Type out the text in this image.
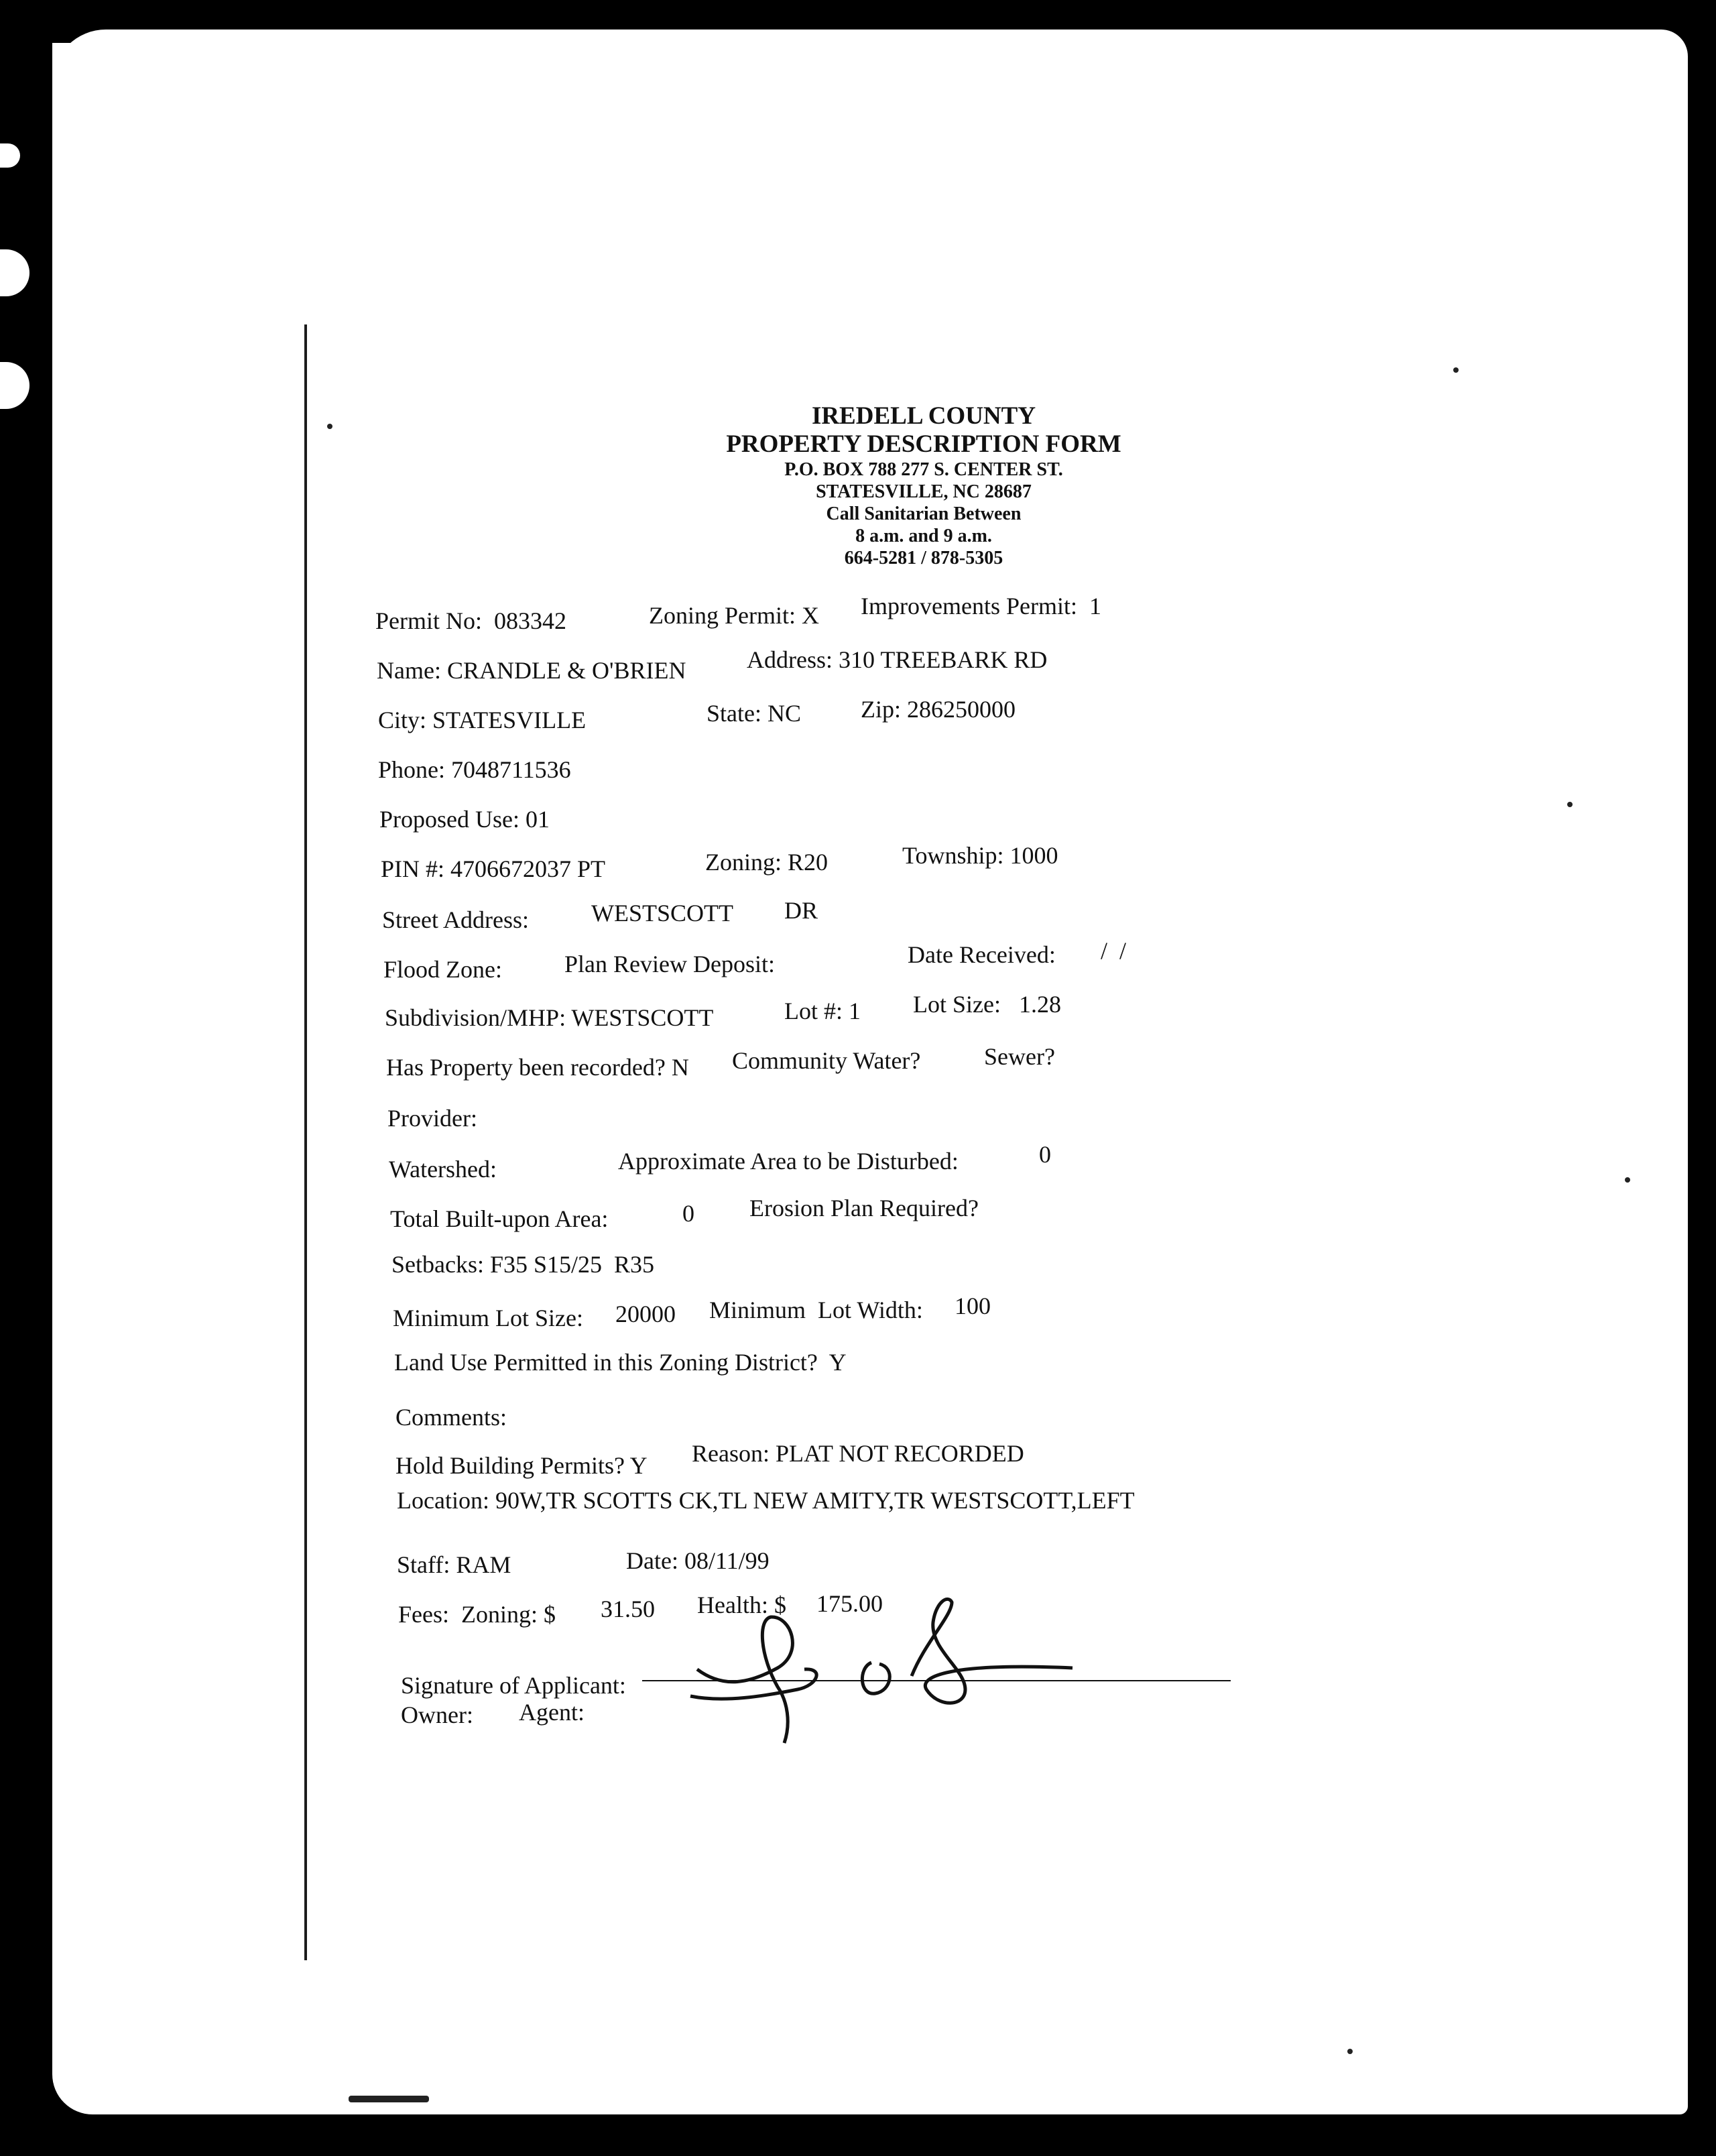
IREDELL COUNTY
PROPERTY DESCRIPTION FORM
P.O. BOX 788 277 S. CENTER ST.
STATESVILLE, NC 28687
Call Sanitarian Between
8 a.m. and 9 a.m.
664-5281 / 878-5305
Permit No:  083342	Zoning Permit: X Improvements Permit:  1
Name: CRANDLE & O'BRIEN	Address: 310 TREEBARK RD
City: STATESVILLE	State: NC Zip: 286250000
Phone: 7048711536
Proposed Use: 01
PIN #: 4706672037 PT	Zoning: R20	Township: 1000
Street Address:	WESTSCOTT DR
Flood Zone:	Plan Review Deposit:	Date Received: /  /
Subdivision/MHP: WESTSCOTT	Lot #: 1 Lot Size:   1.28
Has Property been recorded? N Community Water?	Sewer?
Provider:
Watershed:	Approximate Area to be Disturbed:	0
Total Built-upon Area:	0 Erosion Plan Required?
Setbacks: F35 S15/25  R35
Minimum Lot Size: 20000 Minimum  Lot Width: 100
Land Use Permitted in this Zoning District?  Y
Comments:
Hold Building Permits? Y Reason: PLAT NOT RECORDED
Location: 90W,TR SCOTTS CK,TL NEW AMITY,TR WESTSCOTT,LEFT
Staff: RAM	Date: 08/11/99
Fees:  Zoning: $ 31.50 Health: $ 175.00
Signature of Applicant:
Owner: Agent:
